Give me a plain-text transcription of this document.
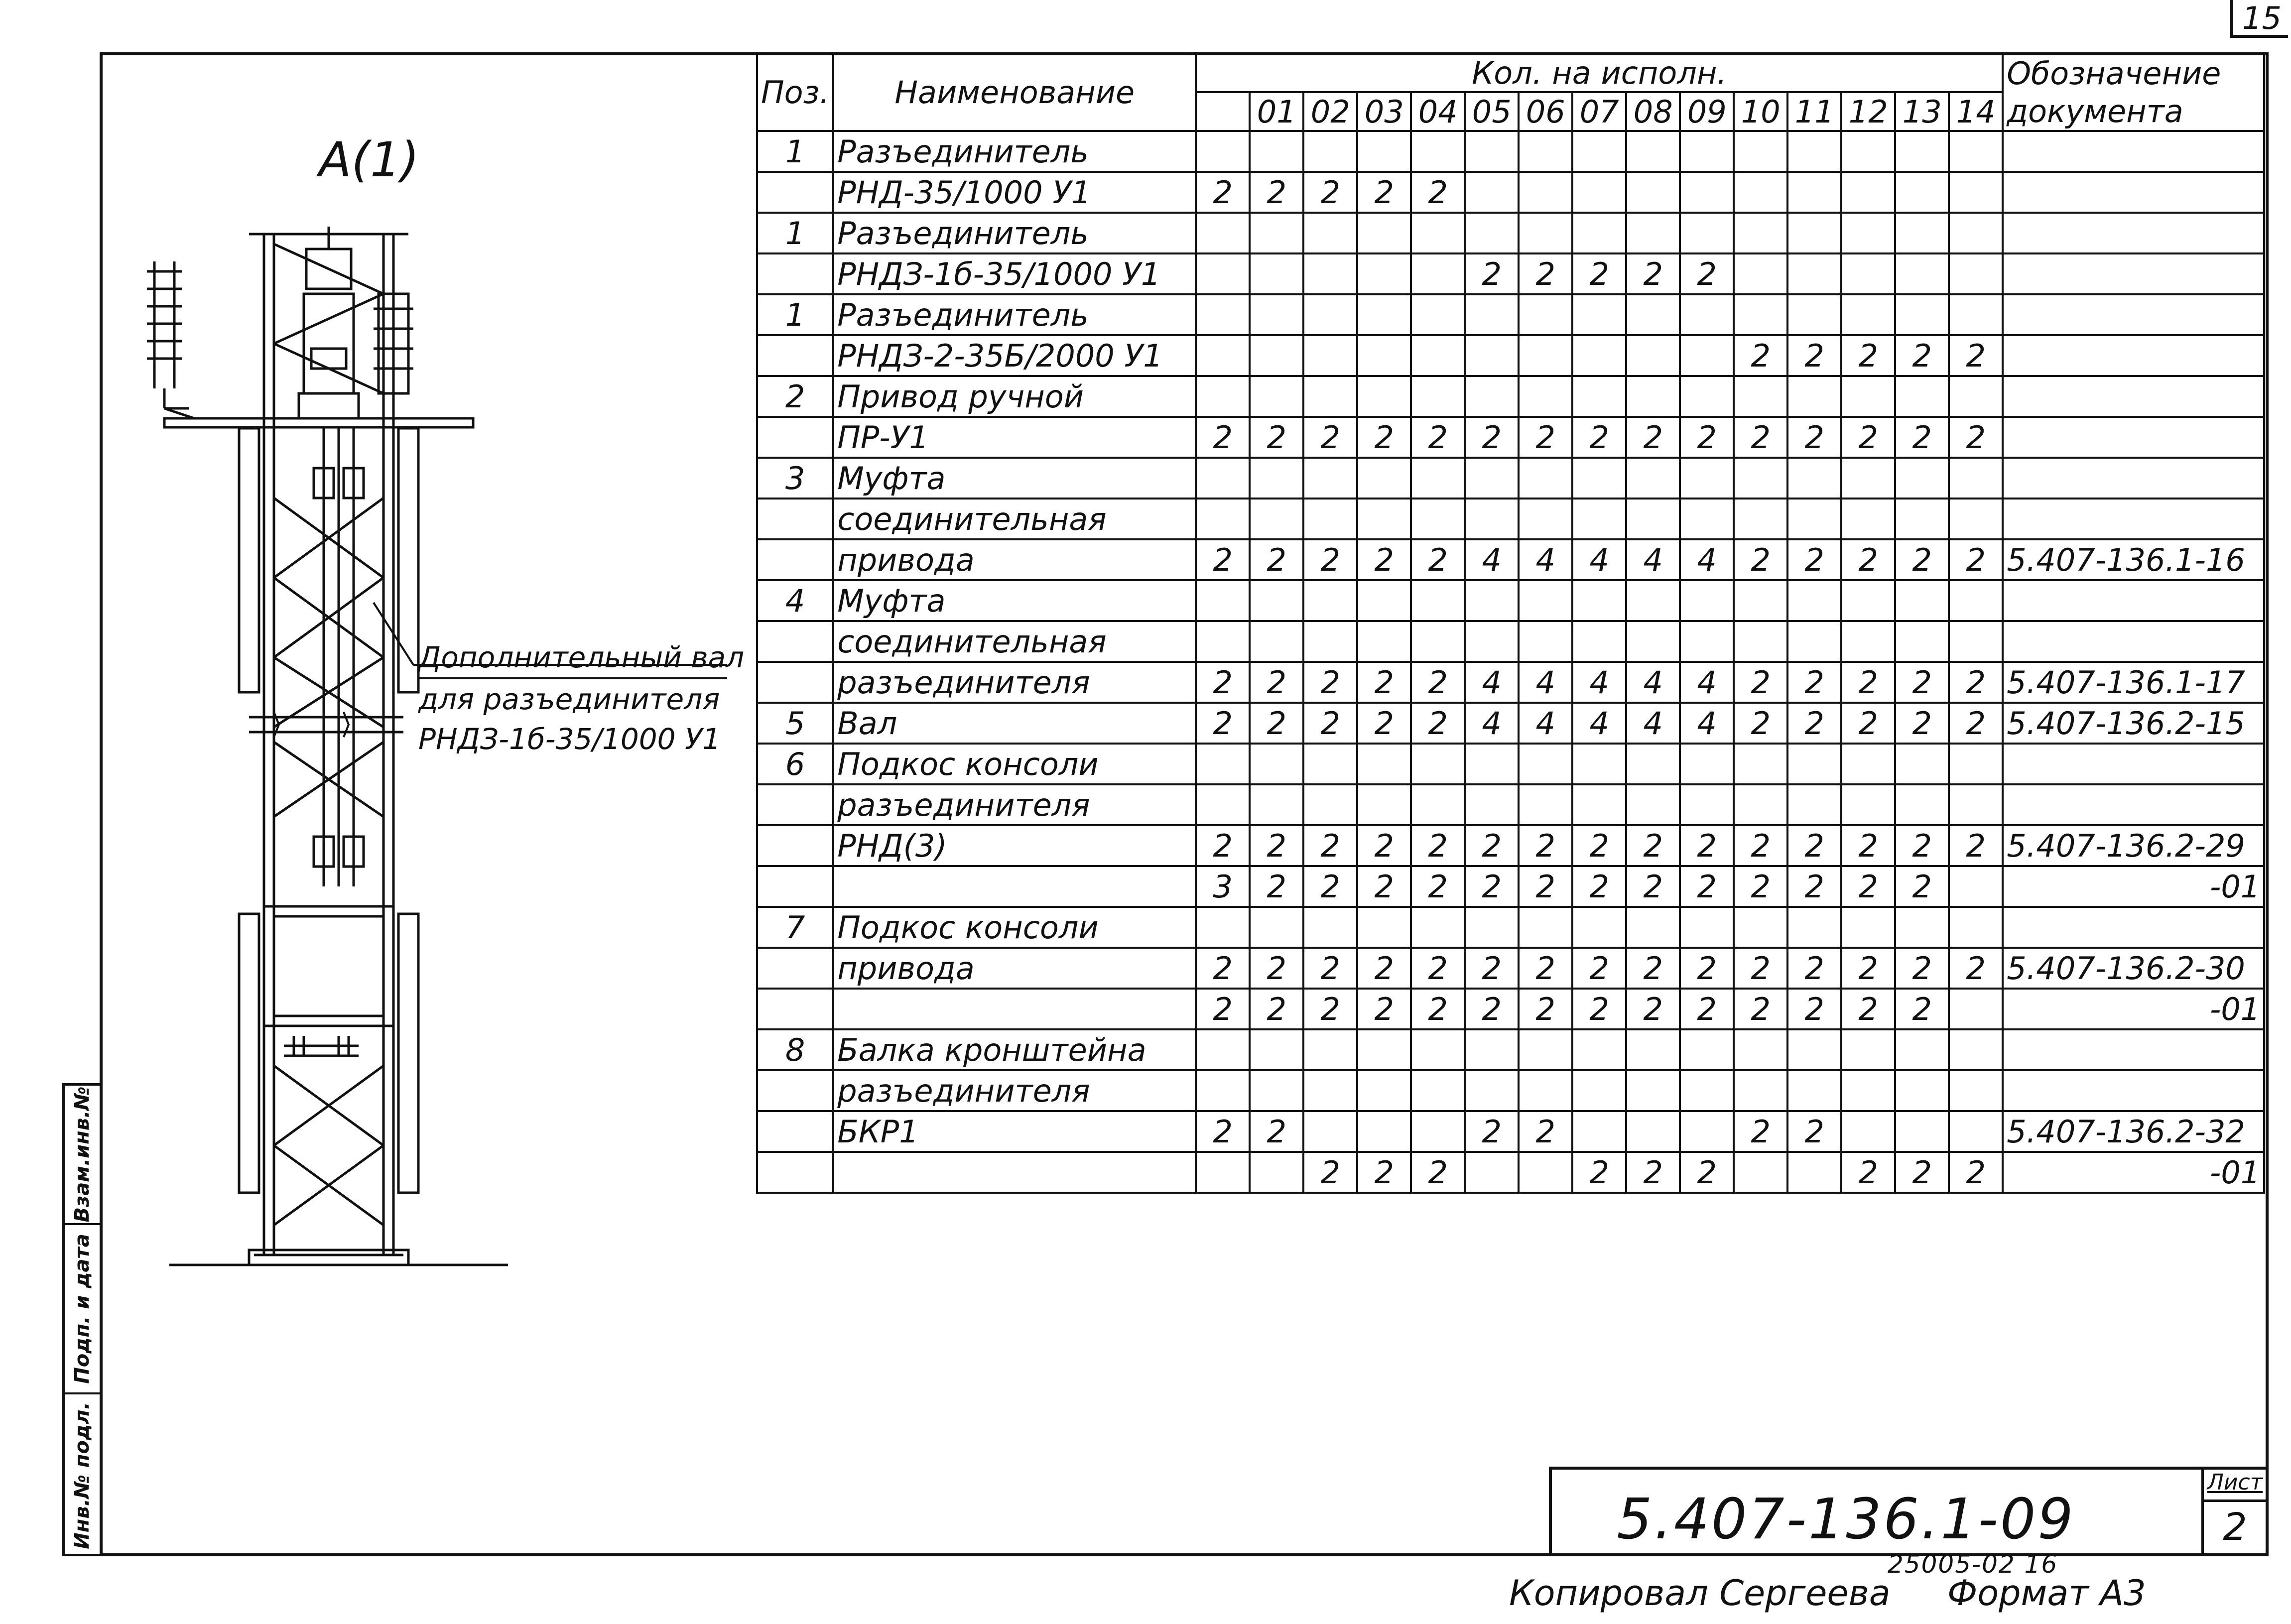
15
Взам.инв.№
Подп. и дата
Инв.№ подл.
А(1)
Дополнительный вал
для разъединителя
РНДЗ-1б-35/1000 У1
Поз.	Наименование	Кол. на исполн.															Обозначение
			01	02	03	04	05	06	07	08	09	10	11	12	13	14	документа
1	Разъединитель																
	РНД-35/1000 У1	2	2	2	2	2											
1	Разъединитель																
	РНДЗ-1б-35/1000 У1						2	2	2	2	2						
1	Разъединитель																
	РНДЗ-2-35Б/2000 У1											2	2	2	2	2	
2	Привод ручной																
	ПР-У1	2	2	2	2	2	2	2	2	2	2	2	2	2	2	2	
3	Муфта																
	соединительная																
	привода	2	2	2	2	2	4	4	4	4	4	2	2	2	2	2	5.407-136.1-16
4	Муфта																
	соединительная																
	разъединителя	2	2	2	2	2	4	4	4	4	4	2	2	2	2	2	5.407-136.1-17
5	Вал	2	2	2	2	2	4	4	4	4	4	2	2	2	2	2	5.407-136.2-15
6	Подкос консоли																
	разъединителя																
	РНД(3)	2	2	2	2	2	2	2	2	2	2	2	2	2	2	2	5.407-136.2-29
		3	2	2	2	2	2	2	2	2	2	2	2	2	2		-01
7	Подкос консоли																
	привода	2	2	2	2	2	2	2	2	2	2	2	2	2	2	2	5.407-136.2-30
		2	2	2	2	2	2	2	2	2	2	2	2	2	2		-01
8	Балка кронштейна																
	разъединителя																
	БКР1	2	2				2	2				2	2				5.407-136.2-32
				2	2	2			2	2	2			2	2	2	-01
5.407-136.1-09
Лист
2
25005-02 16
Копировал Сергеева Формат А3
